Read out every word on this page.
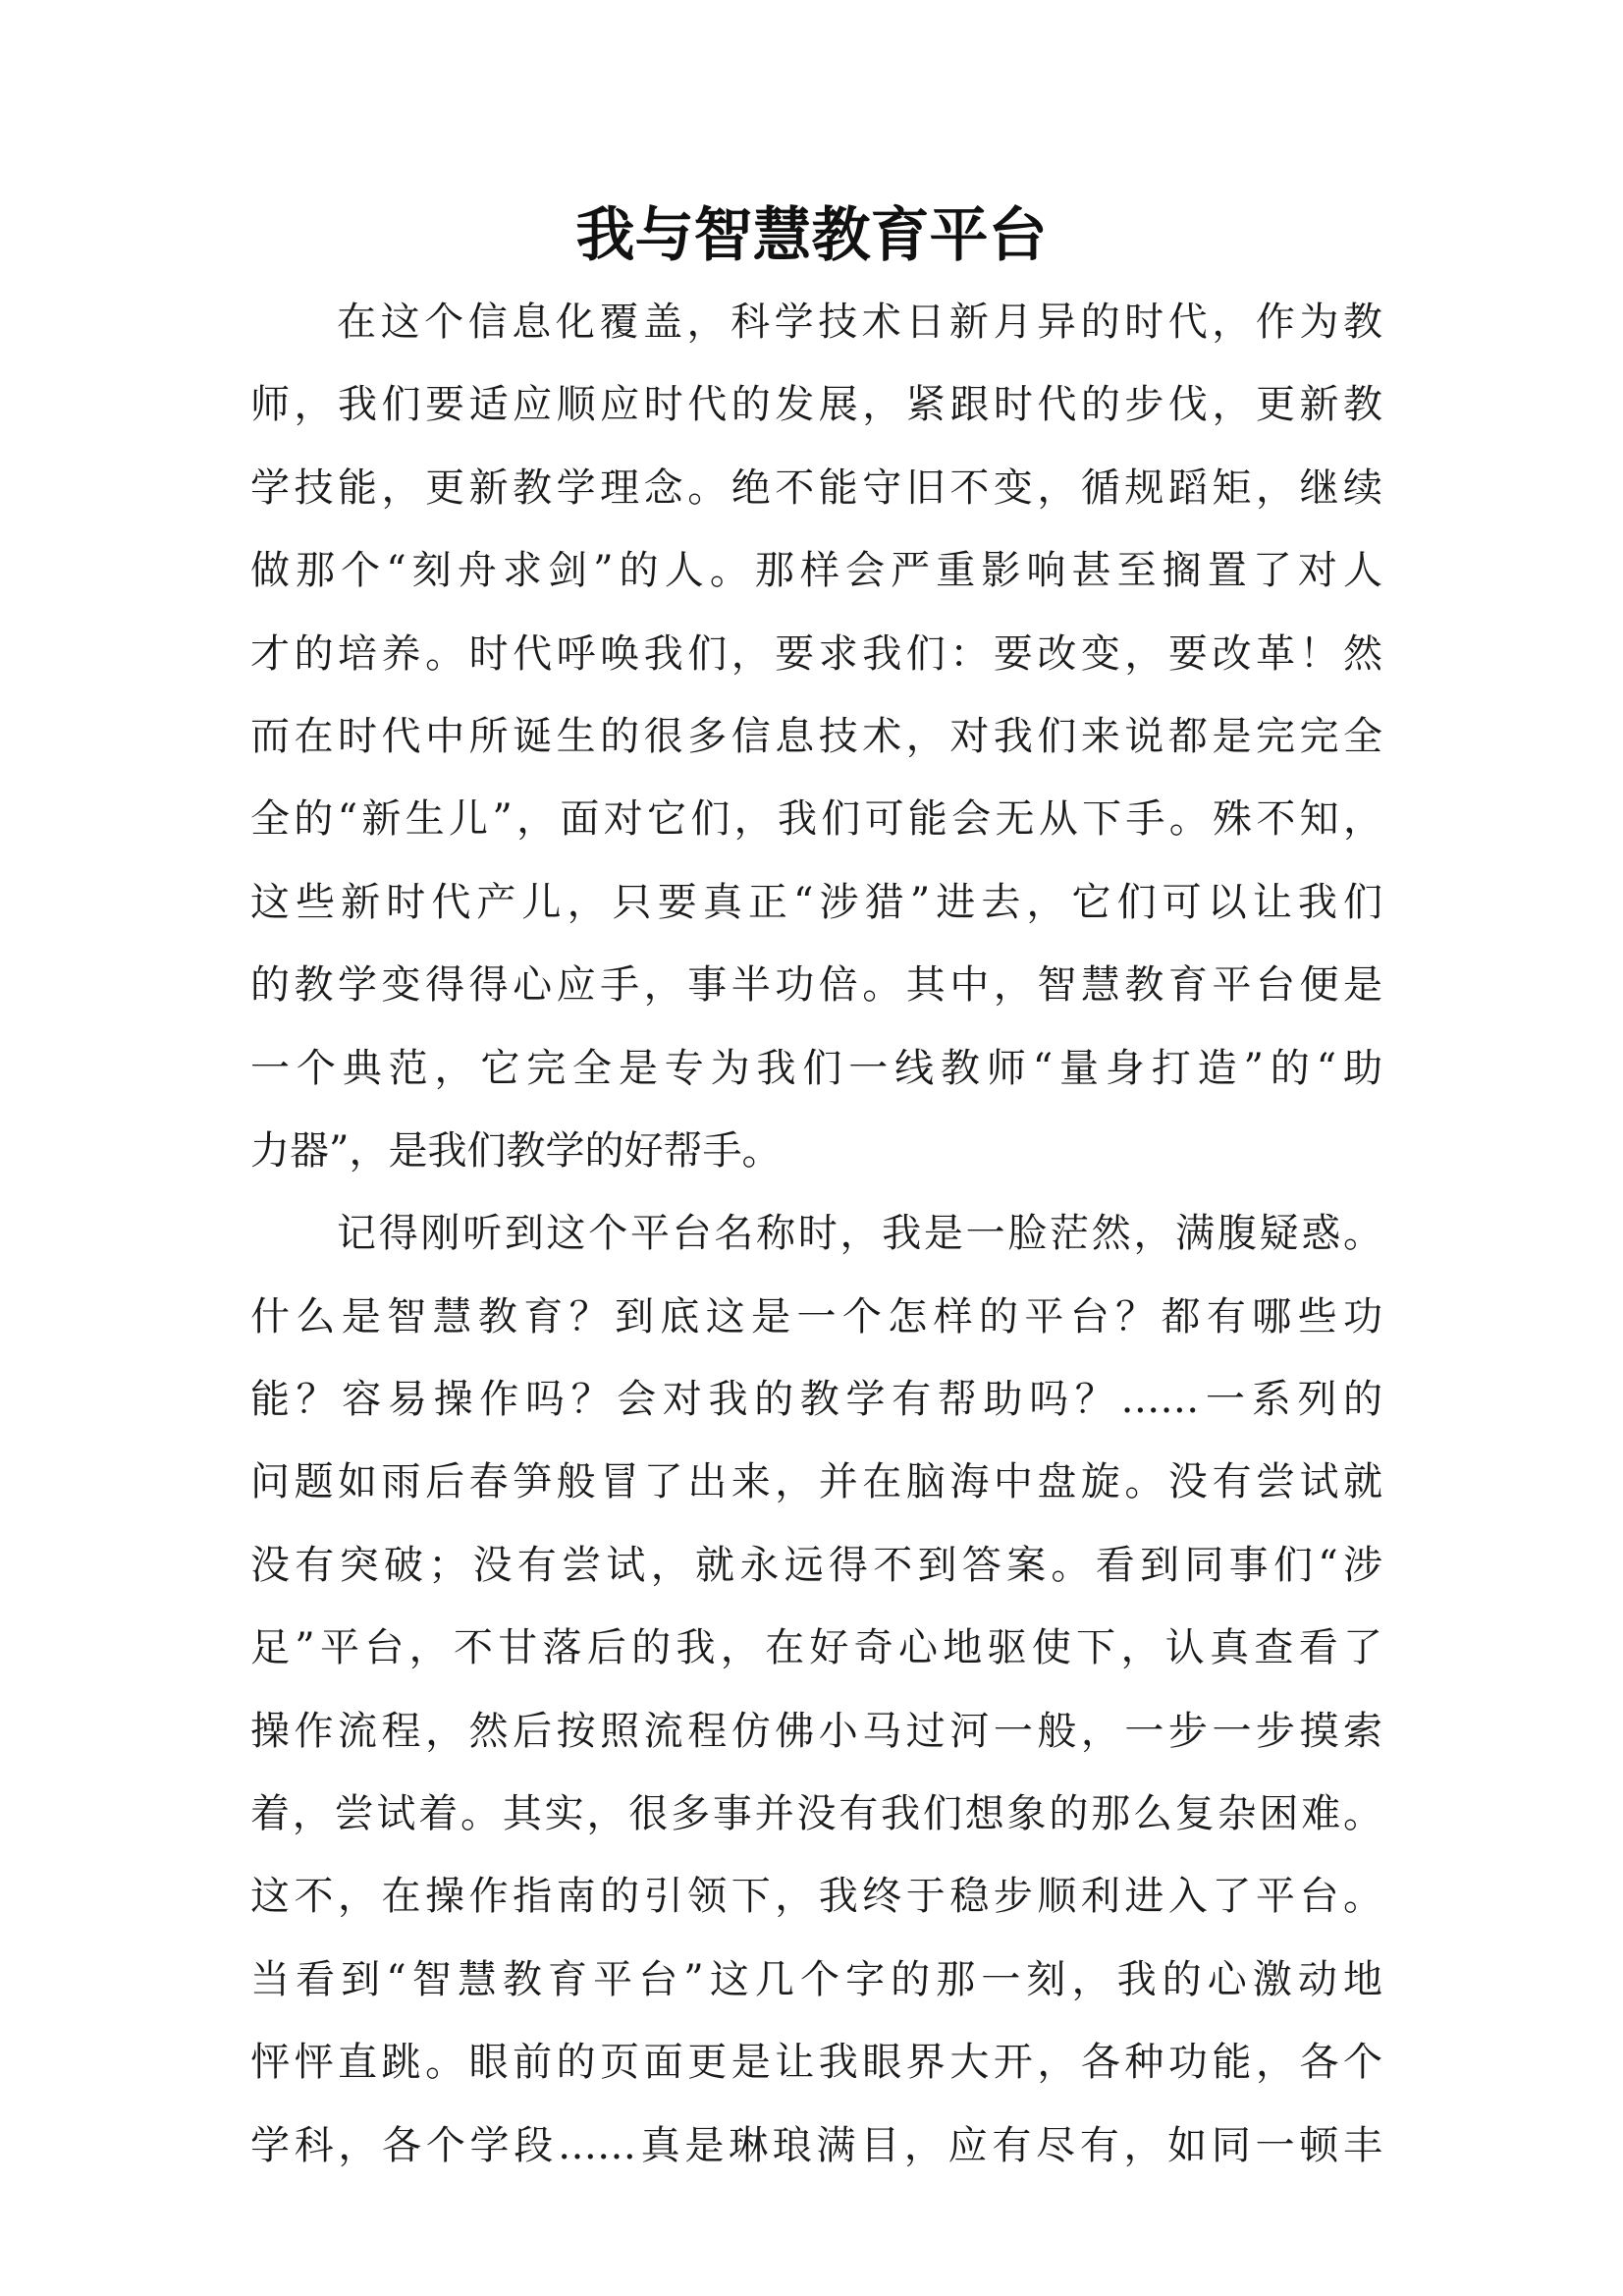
我与智慧教育平台

在这个信息化覆盖，科学技术日新月异的时代，作为教
师，我们要适应顺应时代的发展，紧跟时代的步伐，更新教
学技能，更新教学理念。绝不能守旧不变，循规蹈矩，继续
做那个“刻舟求剑”的人。那样会严重影响甚至搁置了对人
才的培养。时代呼唤我们，要求我们：要改变，要改革！然
而在时代中所诞生的很多信息技术，对我们来说都是完完全
全的“新生儿”，面对它们，我们可能会无从下手。殊不知，
这些新时代产儿，只要真正“涉猎”进去，它们可以让我们
的教学变得得心应手，事半功倍。其中，智慧教育平台便是
一个典范，它完全是专为我们一线教师“量身打造”的“助
力器”，是我们教学的好帮手。

记得刚听到这个平台名称时，我是一脸茫然，满腹疑惑。
什么是智慧教育？到底这是一个怎样的平台？都有哪些功
能？容易操作吗？会对我的教学有帮助吗？……一系列的
问题如雨后春笋般冒了出来，并在脑海中盘旋。没有尝试就
没有突破；没有尝试，就永远得不到答案。看到同事们“涉
足”平台，不甘落后的我，在好奇心地驱使下，认真查看了
操作流程，然后按照流程仿佛小马过河一般，一步一步摸索
着，尝试着。其实，很多事并没有我们想象的那么复杂困难。
这不，在操作指南的引领下，我终于稳步顺利进入了平台。
当看到“智慧教育平台”这几个字的那一刻，我的心激动地
怦怦直跳。眼前的页面更是让我眼界大开，各种功能，各个
学科，各个学段……真是琳琅满目，应有尽有，如同一顿丰
